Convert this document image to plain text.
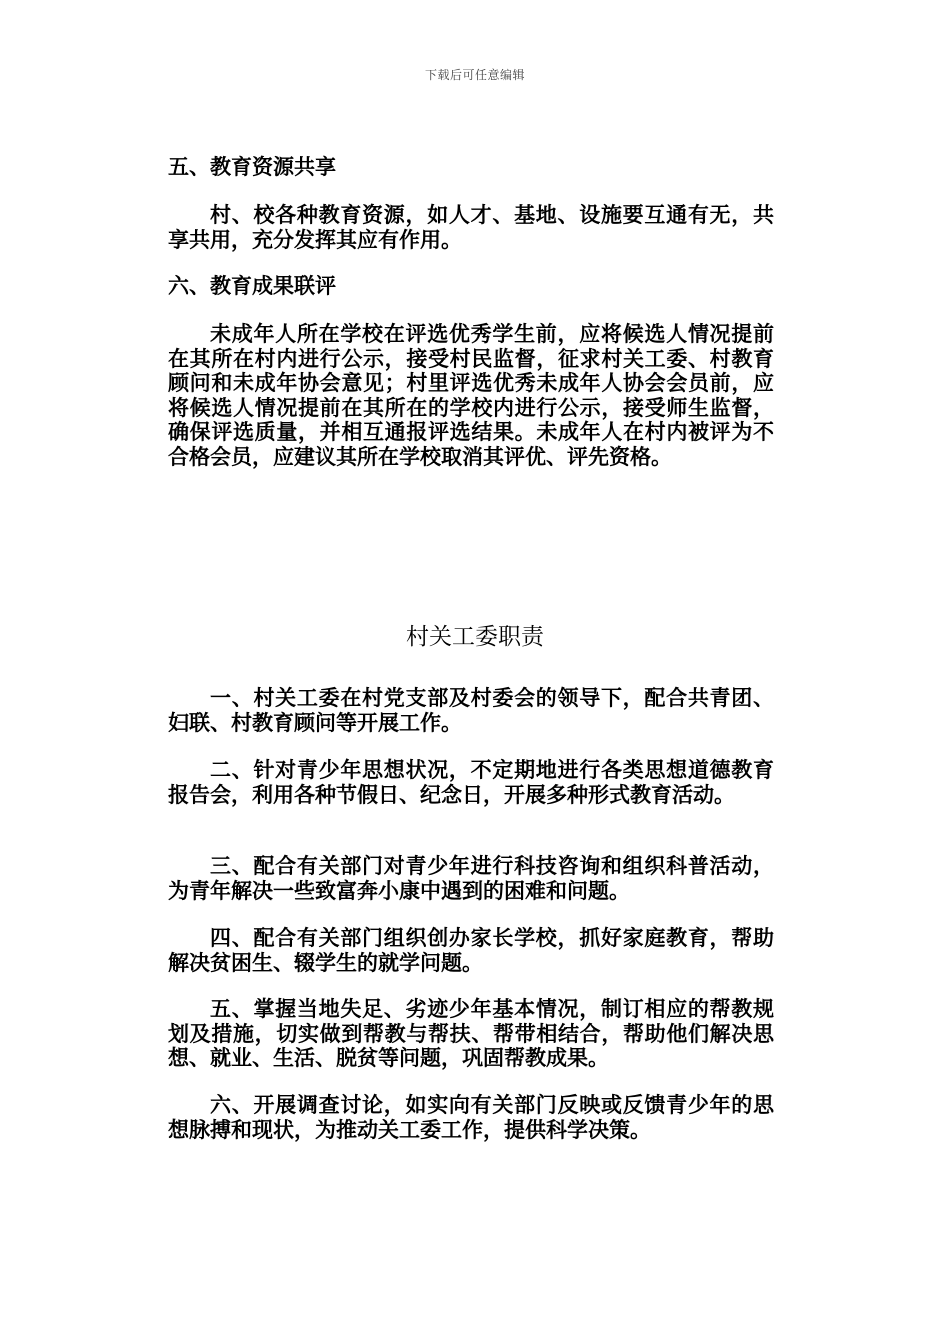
下载后可任意编辑
五、教育资源共享
村、校各种教育资源，如人才、基地、设施要互通有无，共享共用，充分发挥其应有作用。
六、教育成果联评
未成年人所在学校在评选优秀学生前，应将候选人情况提前在其所在村内进行公示，接受村民监督，征求村关工委、村教育顾问和未成年协会意见；村里评选优秀未成年人协会会员前，应将候选人情况提前在其所在的学校内进行公示，接受师生监督，确保评选质量，并相互通报评选结果。未成年人在村内被评为不合格会员，应建议其所在学校取消其评优、评先资格。
村关工委职责
一、村关工委在村党支部及村委会的领导下，配合共青团、妇联、村教育顾问等开展工作。
二、针对青少年思想状况，不定期地进行各类思想道德教育报告会，利用各种节假日、纪念日，开展多种形式教育活动。
三、配合有关部门对青少年进行科技咨询和组织科普活动，为青年解决一些致富奔小康中遇到的困难和问题。
四、配合有关部门组织创办家长学校，抓好家庭教育，帮助解决贫困生、辍学生的就学问题。
五、掌握当地失足、劣迹少年基本情况，制订相应的帮教规划及措施，切实做到帮教与帮扶、帮带相结合，帮助他们解决思想、就业、生活、脱贫等问题，巩固帮教成果。
六、开展调查讨论，如实向有关部门反映或反馈青少年的思想脉搏和现状，为推动关工委工作，提供科学决策。
